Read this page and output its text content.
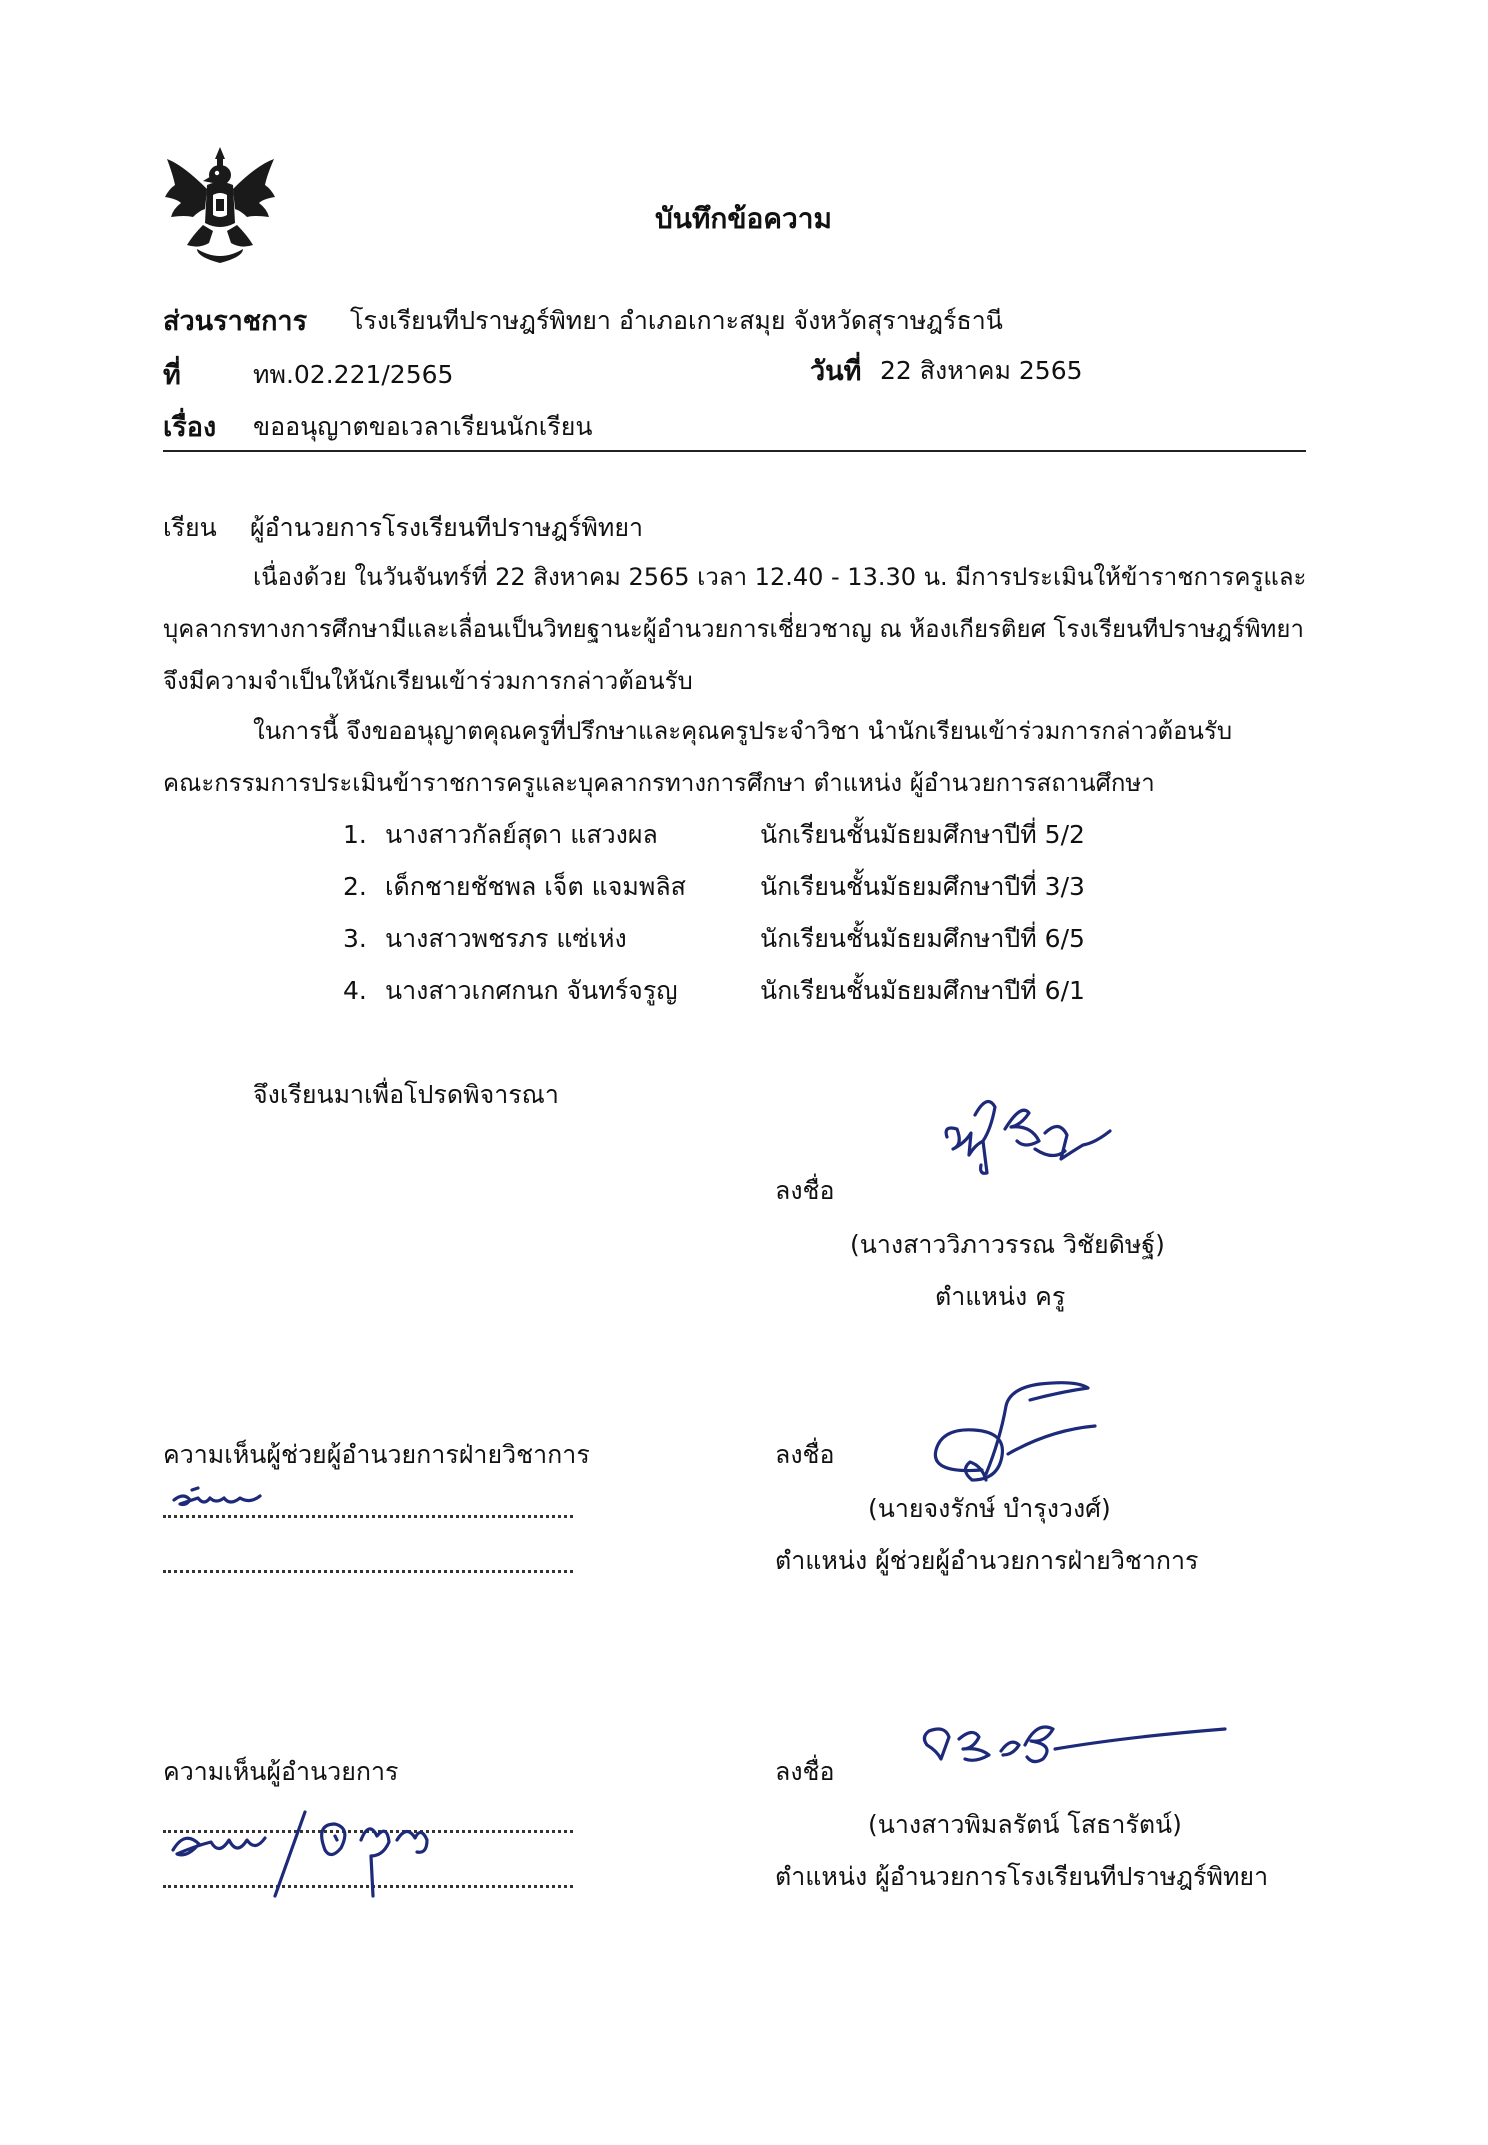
บันทึกข้อความ
ส่วนราชการ โรงเรียนทีปราษฎร์พิทยา อำเภอเกาะสมุย จังหวัดสุราษฎร์ธานี
ที่	ทพ.02.221/2565	วันที่ 22 สิงหาคม 2565
เรื่อง ขออนุญาตขอเวลาเรียนนักเรียน
เรียน ผู้อำนวยการโรงเรียนทีปราษฎร์พิทยา
เนื่องด้วย ในวันจันทร์ที่ 22 สิงหาคม 2565 เวลา 12.40 - 13.30 น. มีการประเมินให้ข้าราชการครูและ
บุคลากรทางการศึกษามีและเลื่อนเป็นวิทยฐานะผู้อำนวยการเชี่ยวชาญ ณ ห้องเกียรติยศ โรงเรียนทีปราษฎร์พิทยา
จึงมีความจำเป็นให้นักเรียนเข้าร่วมการกล่าวต้อนรับ
ในการนี้ จึงขออนุญาตคุณครูที่ปรึกษาและคุณครูประจำวิชา นำนักเรียนเข้าร่วมการกล่าวต้อนรับ
คณะกรรมการประเมินข้าราชการครูและบุคลากรทางการศึกษา ตำแหน่ง ผู้อำนวยการสถานศึกษา
1. นางสาวกัลย์สุดา แสวงผล	นักเรียนชั้นมัธยมศึกษาปีที่ 5/2
2. เด็กชายชัชพล เจ็ต แจมพลิส	นักเรียนชั้นมัธยมศึกษาปีที่ 3/3
3. นางสาวพชรภร แซ่เห่ง	นักเรียนชั้นมัธยมศึกษาปีที่ 6/5
4. นางสาวเกศกนก จันทร์จรูญ	นักเรียนชั้นมัธยมศึกษาปีที่ 6/1
จึงเรียนมาเพื่อโปรดพิจารณา
ลงชื่อ
(นางสาววิภาวรรณ วิชัยดิษฐ์)
ตำแหน่ง ครู
ความเห็นผู้ช่วยผู้อำนวยการฝ่ายวิชาการ	ลงชื่อ
(นายจงรักษ์ บำรุงวงศ์)
ตำแหน่ง ผู้ช่วยผู้อำนวยการฝ่ายวิชาการ
ความเห็นผู้อำนวยการ	ลงชื่อ
(นางสาวพิมลรัตน์ โสธารัตน์)
ตำแหน่ง ผู้อำนวยการโรงเรียนทีปราษฎร์พิทยา
